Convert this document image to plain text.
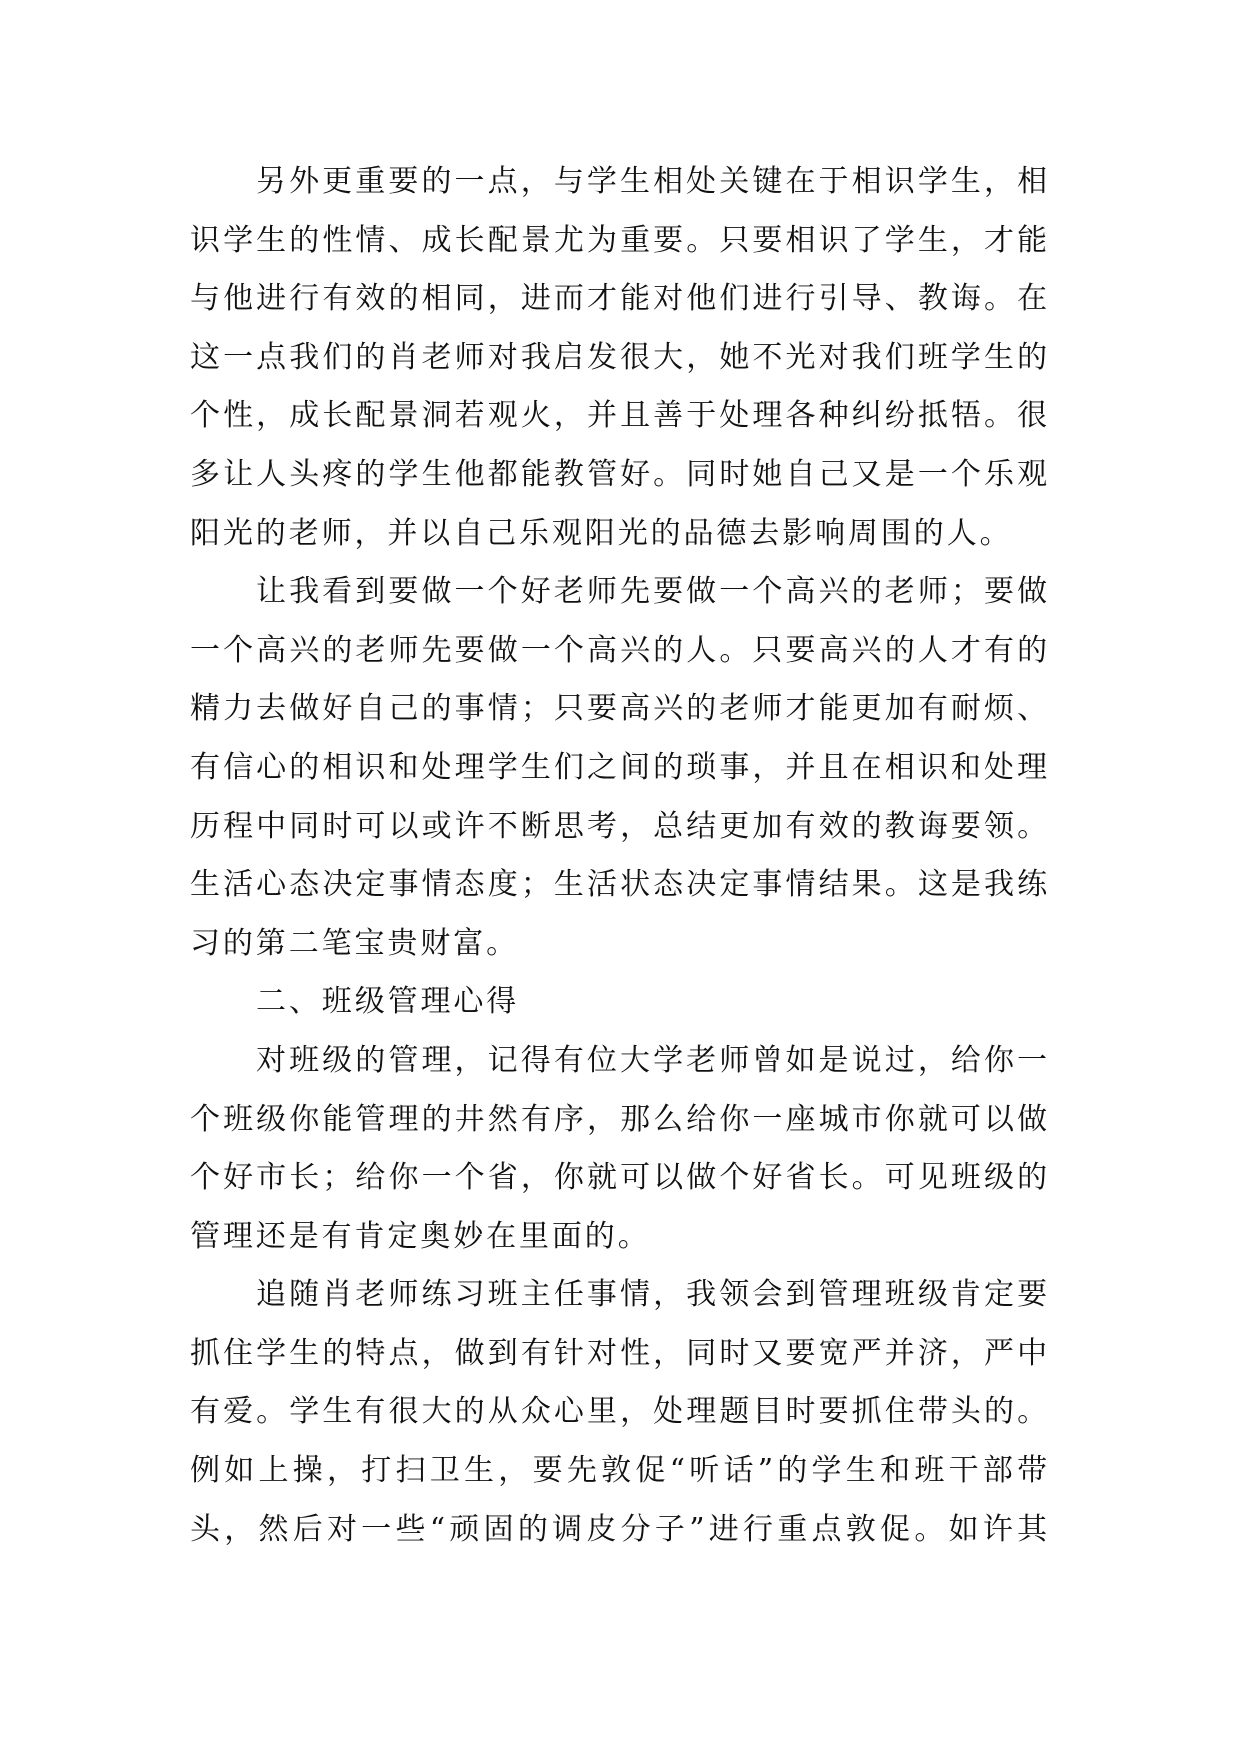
另外更重要的一点，与学生相处关键在于相识学生，相
识学生的性情、成长配景尤为重要。只要相识了学生，才能
与他进行有效的相同，进而才能对他们进行引导、教诲。在
这一点我们的肖老师对我启发很大，她不光对我们班学生的
个性，成长配景洞若观火，并且善于处理各种纠纷抵牾。很
多让人头疼的学生他都能教管好。同时她自己又是一个乐观
阳光的老师，并以自己乐观阳光的品德去影响周围的人。
让我看到要做一个好老师先要做一个高兴的老师；要做
一个高兴的老师先要做一个高兴的人。只要高兴的人才有的
精力去做好自己的事情；只要高兴的老师才能更加有耐烦、
有信心的相识和处理学生们之间的琐事，并且在相识和处理
历程中同时可以或许不断思考，总结更加有效的教诲要领。
生活心态决定事情态度；生活状态决定事情结果。这是我练
习的第二笔宝贵财富。
二、班级管理心得
对班级的管理，记得有位大学老师曾如是说过，给你一
个班级你能管理的井然有序，那么给你一座城市你就可以做
个好市长；给你一个省，你就可以做个好省长。可见班级的
管理还是有肯定奥妙在里面的。
追随肖老师练习班主任事情，我领会到管理班级肯定要
抓住学生的特点，做到有针对性，同时又要宽严并济，严中
有爱。学生有很大的从众心里，处理题目时要抓住带头的。
例如上操，打扫卫生，要先敦促“听话”的学生和班干部带
头，然后对一些“顽固的调皮分子”进行重点敦促。如许其
